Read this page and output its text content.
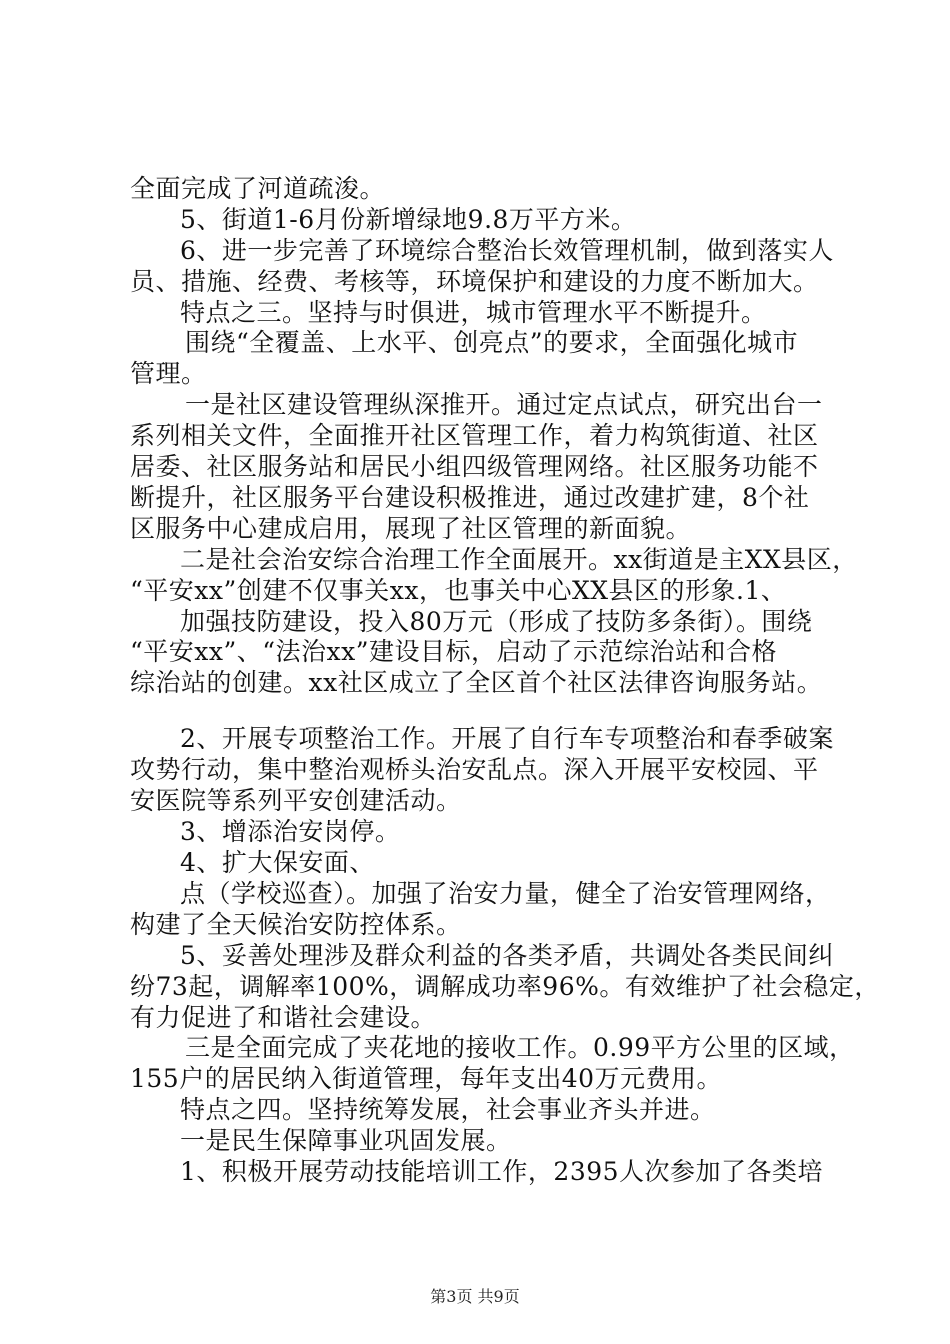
全面完成了河道疏浚。
5、街道1-6月份新增绿地9.8万平方米。
6、进一步完善了环境综合整治长效管理机制，做到落实人
员、措施、经费、考核等，环境保护和建设的力度不断加大。
特点之三。坚持与时俱进，城市管理水平不断提升。
围绕“全覆盖、上水平、创亮点”的要求，全面强化城市
管理。
一是社区建设管理纵深推开。通过定点试点，研究出台一
系列相关文件，全面推开社区管理工作，着力构筑街道、社区
居委、社区服务站和居民小组四级管理网络。社区服务功能不
断提升，社区服务平台建设积极推进，通过改建扩建，8个社
区服务中心建成启用，展现了社区管理的新面貌。
二是社会治安综合治理工作全面展开。xx街道是主XX县区，
“平安xx”创建不仅事关xx，也事关中心XX县区的形象.1、
加强技防建设，投入80万元（形成了技防多条街）。围绕
“平安xx”、“法治xx”建设目标，启动了示范综治站和合格
综治站的创建。xx社区成立了全区首个社区法律咨询服务站。
2、开展专项整治工作。开展了自行车专项整治和春季破案
攻势行动，集中整治观桥头治安乱点。深入开展平安校园、平
安医院等系列平安创建活动。
3、增添治安岗停。
4、扩大保安面、
点（学校巡查）。加强了治安力量，健全了治安管理网络，
构建了全天候治安防控体系。
5、妥善处理涉及群众利益的各类矛盾，共调处各类民间纠
纷73起，调解率100%，调解成功率96%。有效维护了社会稳定，
有力促进了和谐社会建设。
三是全面完成了夹花地的接收工作。0.99平方公里的区域，
155户的居民纳入街道管理，每年支出40万元费用。
特点之四。坚持统筹发展，社会事业齐头并进。
一是民生保障事业巩固发展。
1、积极开展劳动技能培训工作，2395人次参加了各类培
第3页 共9页
